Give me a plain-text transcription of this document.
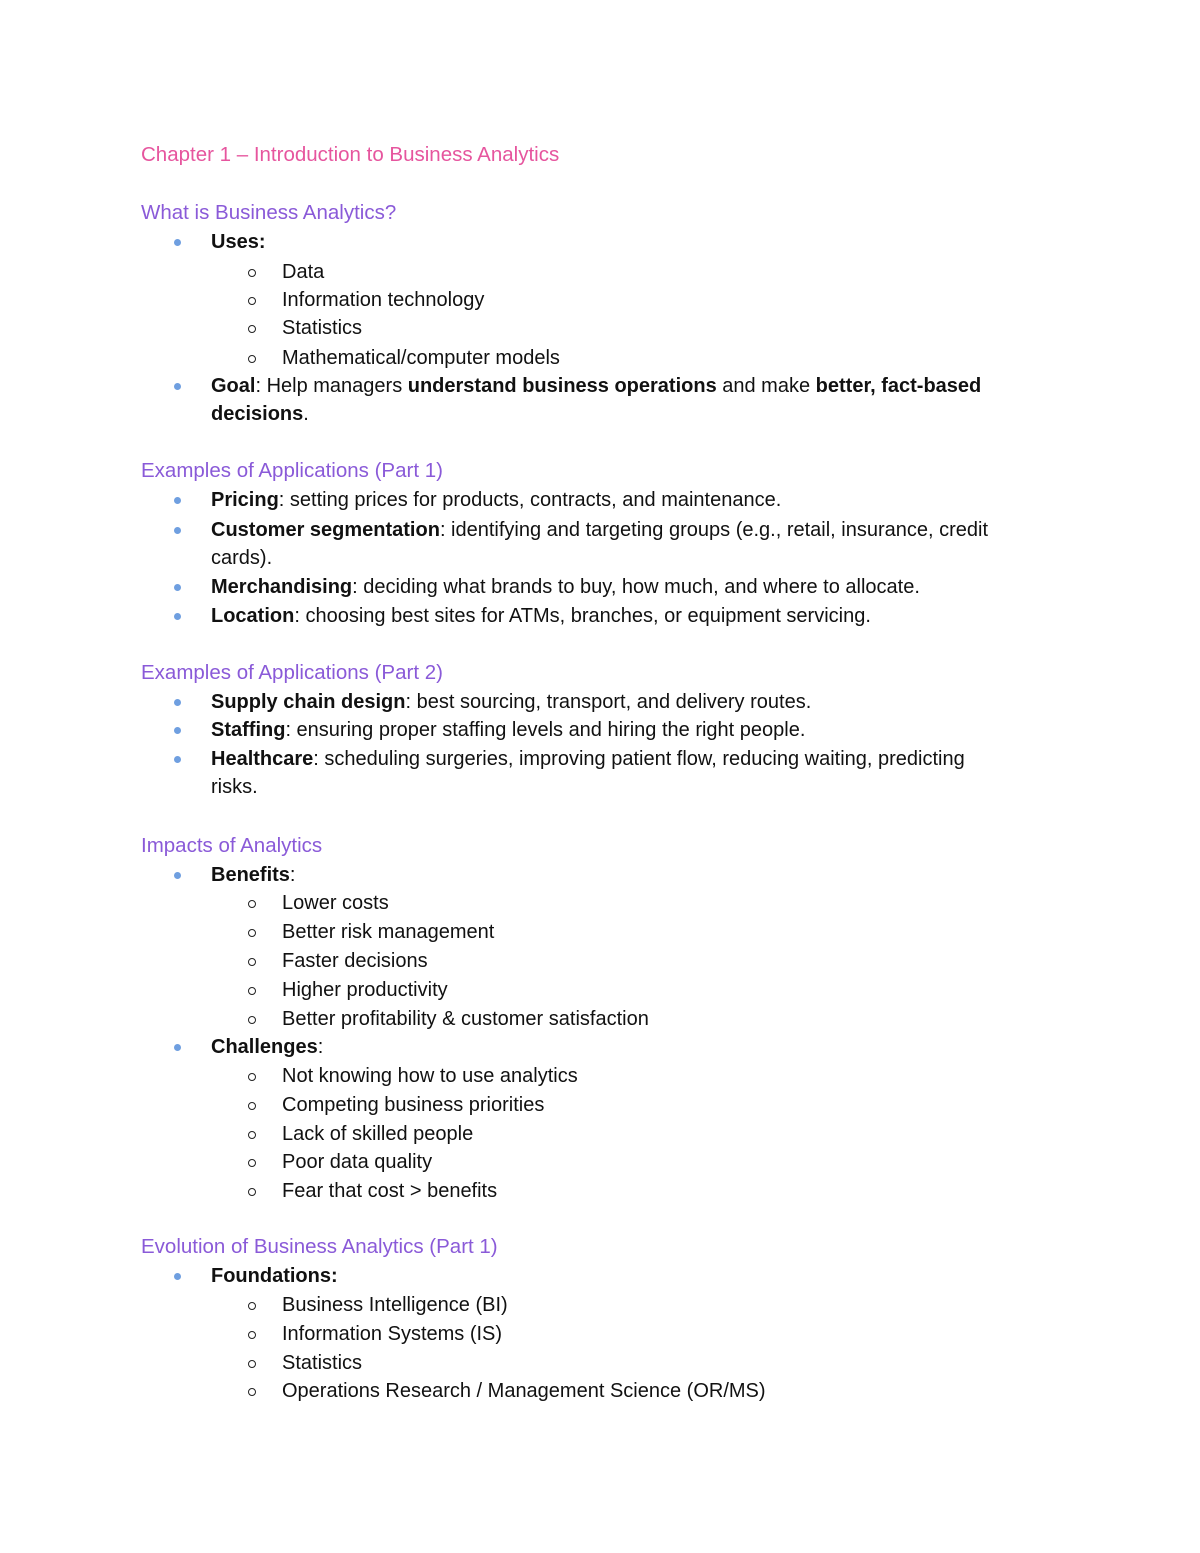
Chapter 1 – Introduction to Business Analytics
What is Business Analytics?
Uses:
Data
Information technology
Statistics
Mathematical/computer models
Goal: Help managers understand business operations and make better, fact-based
decisions.
Examples of Applications (Part 1)
Pricing: setting prices for products, contracts, and maintenance.
Customer segmentation: identifying and targeting groups (e.g., retail, insurance, credit
cards).
Merchandising: deciding what brands to buy, how much, and where to allocate.
Location: choosing best sites for ATMs, branches, or equipment servicing.
Examples of Applications (Part 2)
Supply chain design: best sourcing, transport, and delivery routes.
Staffing: ensuring proper staffing levels and hiring the right people.
Healthcare: scheduling surgeries, improving patient flow, reducing waiting, predicting
risks.
Impacts of Analytics
Benefits:
Lower costs
Better risk management
Faster decisions
Higher productivity
Better profitability & customer satisfaction
Challenges:
Not knowing how to use analytics
Competing business priorities
Lack of skilled people
Poor data quality
Fear that cost > benefits
Evolution of Business Analytics (Part 1)
Foundations:
Business Intelligence (BI)
Information Systems (IS)
Statistics
Operations Research / Management Science (OR/MS)
